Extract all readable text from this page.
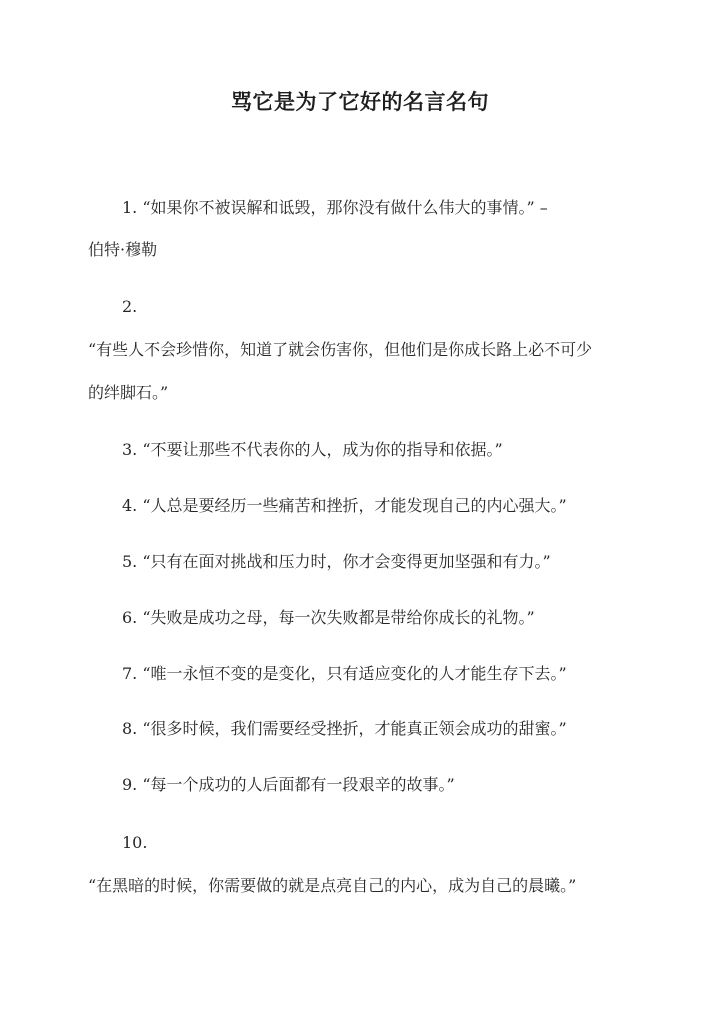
骂它是为了它好的名言名句
1. “如果你不被误解和诋毁，那你没有做什么伟大的事情。” –
伯特·穆勒
2.
“有些人不会珍惜你，知道了就会伤害你，但他们是你成长路上必不可少
的绊脚石。”
3. “不要让那些不代表你的人，成为你的指导和依据。”
4. “人总是要经历一些痛苦和挫折，才能发现自己的内心强大。”
5. “只有在面对挑战和压力时，你才会变得更加坚强和有力。”
6. “失败是成功之母，每一次失败都是带给你成长的礼物。”
7. “唯一永恒不变的是变化，只有适应变化的人才能生存下去。”
8. “很多时候，我们需要经受挫折，才能真正领会成功的甜蜜。”
9. “每一个成功的人后面都有一段艰辛的故事。”
10.
“在黑暗的时候，你需要做的就是点亮自己的内心，成为自己的晨曦。”
